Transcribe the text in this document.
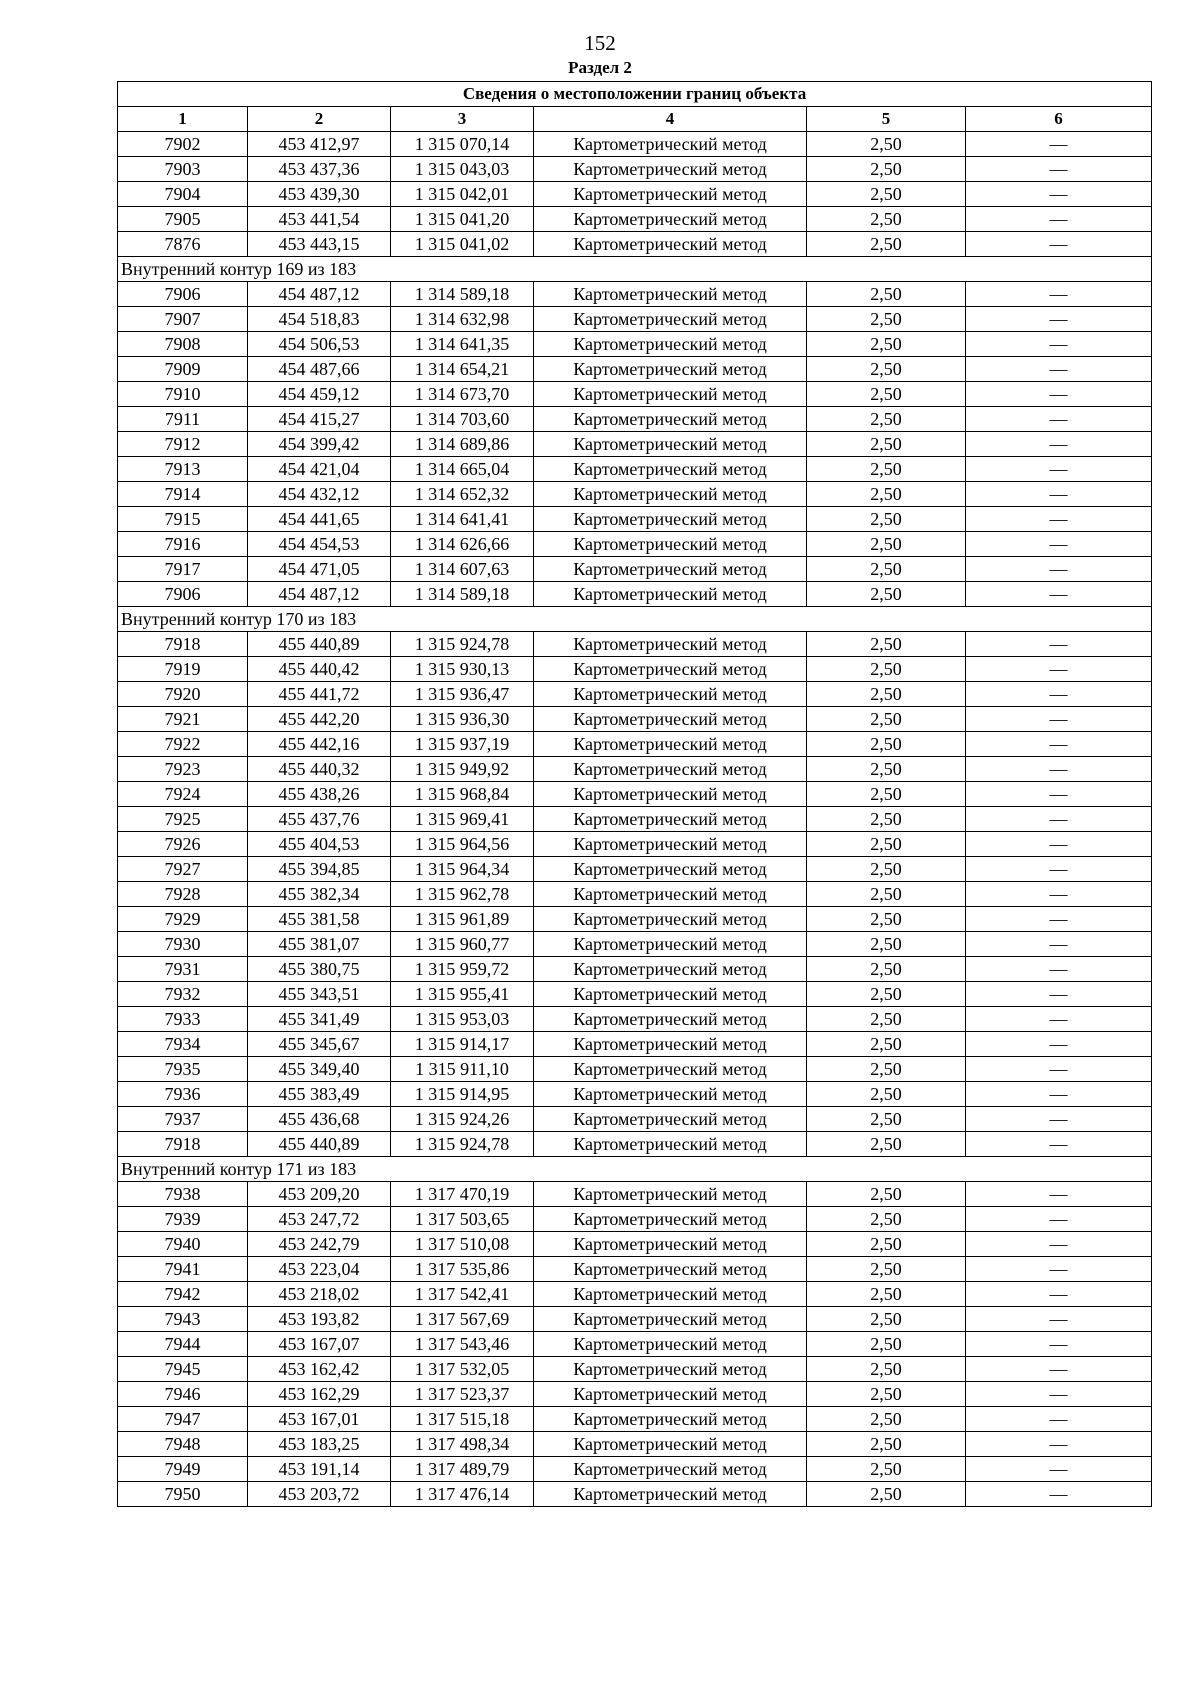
152
Раздел 2
Сведения о местоположении границ объекта					
1	2	3	4	5	6
7902	453 412,97	1 315 070,14	Картометрический метод	2,50	—
7903	453 437,36	1 315 043,03	Картометрический метод	2,50	—
7904	453 439,30	1 315 042,01	Картометрический метод	2,50	—
7905	453 441,54	1 315 041,20	Картометрический метод	2,50	—
7876	453 443,15	1 315 041,02	Картометрический метод	2,50	—
Внутренний контур 169 из 183					
7906	454 487,12	1 314 589,18	Картометрический метод	2,50	—
7907	454 518,83	1 314 632,98	Картометрический метод	2,50	—
7908	454 506,53	1 314 641,35	Картометрический метод	2,50	—
7909	454 487,66	1 314 654,21	Картометрический метод	2,50	—
7910	454 459,12	1 314 673,70	Картометрический метод	2,50	—
7911	454 415,27	1 314 703,60	Картометрический метод	2,50	—
7912	454 399,42	1 314 689,86	Картометрический метод	2,50	—
7913	454 421,04	1 314 665,04	Картометрический метод	2,50	—
7914	454 432,12	1 314 652,32	Картометрический метод	2,50	—
7915	454 441,65	1 314 641,41	Картометрический метод	2,50	—
7916	454 454,53	1 314 626,66	Картометрический метод	2,50	—
7917	454 471,05	1 314 607,63	Картометрический метод	2,50	—
7906	454 487,12	1 314 589,18	Картометрический метод	2,50	—
Внутренний контур 170 из 183					
7918	455 440,89	1 315 924,78	Картометрический метод	2,50	—
7919	455 440,42	1 315 930,13	Картометрический метод	2,50	—
7920	455 441,72	1 315 936,47	Картометрический метод	2,50	—
7921	455 442,20	1 315 936,30	Картометрический метод	2,50	—
7922	455 442,16	1 315 937,19	Картометрический метод	2,50	—
7923	455 440,32	1 315 949,92	Картометрический метод	2,50	—
7924	455 438,26	1 315 968,84	Картометрический метод	2,50	—
7925	455 437,76	1 315 969,41	Картометрический метод	2,50	—
7926	455 404,53	1 315 964,56	Картометрический метод	2,50	—
7927	455 394,85	1 315 964,34	Картометрический метод	2,50	—
7928	455 382,34	1 315 962,78	Картометрический метод	2,50	—
7929	455 381,58	1 315 961,89	Картометрический метод	2,50	—
7930	455 381,07	1 315 960,77	Картометрический метод	2,50	—
7931	455 380,75	1 315 959,72	Картометрический метод	2,50	—
7932	455 343,51	1 315 955,41	Картометрический метод	2,50	—
7933	455 341,49	1 315 953,03	Картометрический метод	2,50	—
7934	455 345,67	1 315 914,17	Картометрический метод	2,50	—
7935	455 349,40	1 315 911,10	Картометрический метод	2,50	—
7936	455 383,49	1 315 914,95	Картометрический метод	2,50	—
7937	455 436,68	1 315 924,26	Картометрический метод	2,50	—
7918	455 440,89	1 315 924,78	Картометрический метод	2,50	—
Внутренний контур 171 из 183					
7938	453 209,20	1 317 470,19	Картометрический метод	2,50	—
7939	453 247,72	1 317 503,65	Картометрический метод	2,50	—
7940	453 242,79	1 317 510,08	Картометрический метод	2,50	—
7941	453 223,04	1 317 535,86	Картометрический метод	2,50	—
7942	453 218,02	1 317 542,41	Картометрический метод	2,50	—
7943	453 193,82	1 317 567,69	Картометрический метод	2,50	—
7944	453 167,07	1 317 543,46	Картометрический метод	2,50	—
7945	453 162,42	1 317 532,05	Картометрический метод	2,50	—
7946	453 162,29	1 317 523,37	Картометрический метод	2,50	—
7947	453 167,01	1 317 515,18	Картометрический метод	2,50	—
7948	453 183,25	1 317 498,34	Картометрический метод	2,50	—
7949	453 191,14	1 317 489,79	Картометрический метод	2,50	—
7950	453 203,72	1 317 476,14	Картометрический метод	2,50	—
